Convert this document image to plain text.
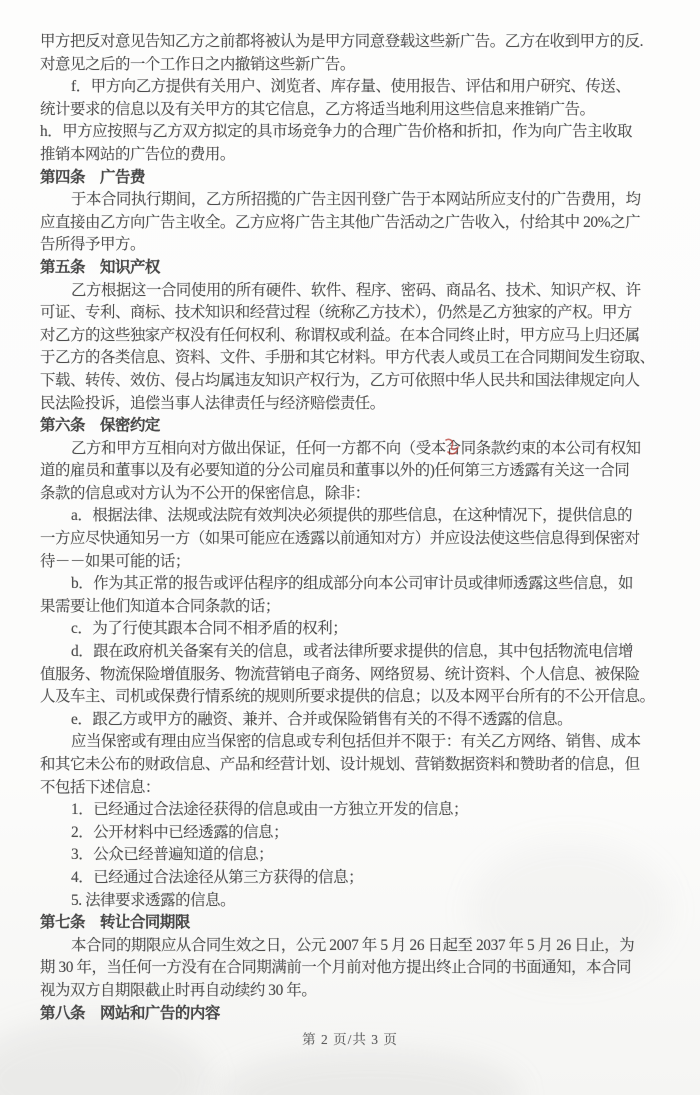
甲方把反对意见告知乙方之前都将被认为是甲方同意登载这些新广告。乙方在收到甲方的反.
对意见之后的一个工作日之内撤销这些新广告。
f．甲方向乙方提供有关用户、浏览者、库存量、使用报告、评估和用户研究、传送、
统计要求的信息以及有关甲方的其它信息，乙方将适当地利用这些信息来推销广告。
h．甲方应按照与乙方双方拟定的具市场竞争力的合理广告价格和折扣，作为向广告主收取
推销本网站的广告位的费用。
第四条　广告费
于本合同执行期间，乙方所招揽的广告主因刊登广告于本网站所应支付的广告费用，均
应直接由乙方向广告主收全。乙方应将广告主其他广告活动之广告收入，付给其中 20%之广
告所得予甲方。
第五条　知识产权
乙方根据这一合同使用的所有硬件、软件、程序、密码、商品名、技术、知识产权、许
可证、专利、商标、技术知识和经营过程（统称乙方技术），仍然是乙方独家的产权。甲方
对乙方的这些独家产权没有任何权利、称谓权或利益。在本合同终止时，甲方应马上归还属
于乙方的各类信息、资料、文件、手册和其它材料。甲方代表人或员工在合同期间发生窃取、
下载、转传、效仿、侵占均属违友知识产权行为，乙方可依照中华人民共和国法律规定向人
民法险投诉，追偿当事人法律责任与经济赔偿责任。
第六条　保密约定
乙方和甲方互相向对方做出保证，任何一方都不向（受本合同条款约束的本公司有权知
道的雇员和董事以及有必要知道的分公司雇员和董事以外的)任何第三方透露有关这一合同
条款的信息或对方认为不公开的保密信息，除非：
a．根据法律、法规或法院有效判决必须提供的那些信息，在这种情况下，提供信息的
一方应尽快通知另一方（如果可能应在透露以前通知对方）并应设法使这些信息得到保密对
待－－如果可能的话；
b．作为其正常的报告或评估程序的组成部分向本公司审计员或律师透露这些信息，如
果需要让他们知道本合同条款的话；
c．为了行使其跟本合同不相矛盾的权利；
d．跟在政府机关备案有关的信息，或者法律所要求提供的信息，其中包括物流电信增
值服务、物流保险增值服务、物流营销电子商务、网络贸易、统计资料、个人信息、被保险
人及车主、司机或保费行情系统的规则所要求提供的信息；以及本网平台所有的不公开信息。
e．跟乙方或甲方的融资、兼并、合并或保险销售有关的不得不透露的信息。
应当保密或有理由应当保密的信息或专利包括但并不限于：有关乙方网络、销售、成本
和其它未公布的财政信息、产品和经营计划、设计规划、营销数据资料和赞助者的信息，但
不包括下述信息：
1．已经通过合法途径获得的信息或由一方独立开发的信息；
2．公开材料中已经透露的信息；
3．公众已经普遍知道的信息；
4．已经通过合法途径从第三方获得的信息；
5. 法律要求透露的信息。
第七条　转让合同期限
本合同的期限应从合同生效之日，公元 2007 年 5 月 26 日起至 2037 年 5 月 26 日止，为
期 30 年，当任何一方没有在合同期满前一个月前对他方提出终止合同的书面通知，本合同
视为双方自期限截止时再自动续约 30 年。
第八条　网站和广告的内容
第 2 页/共 3 页
